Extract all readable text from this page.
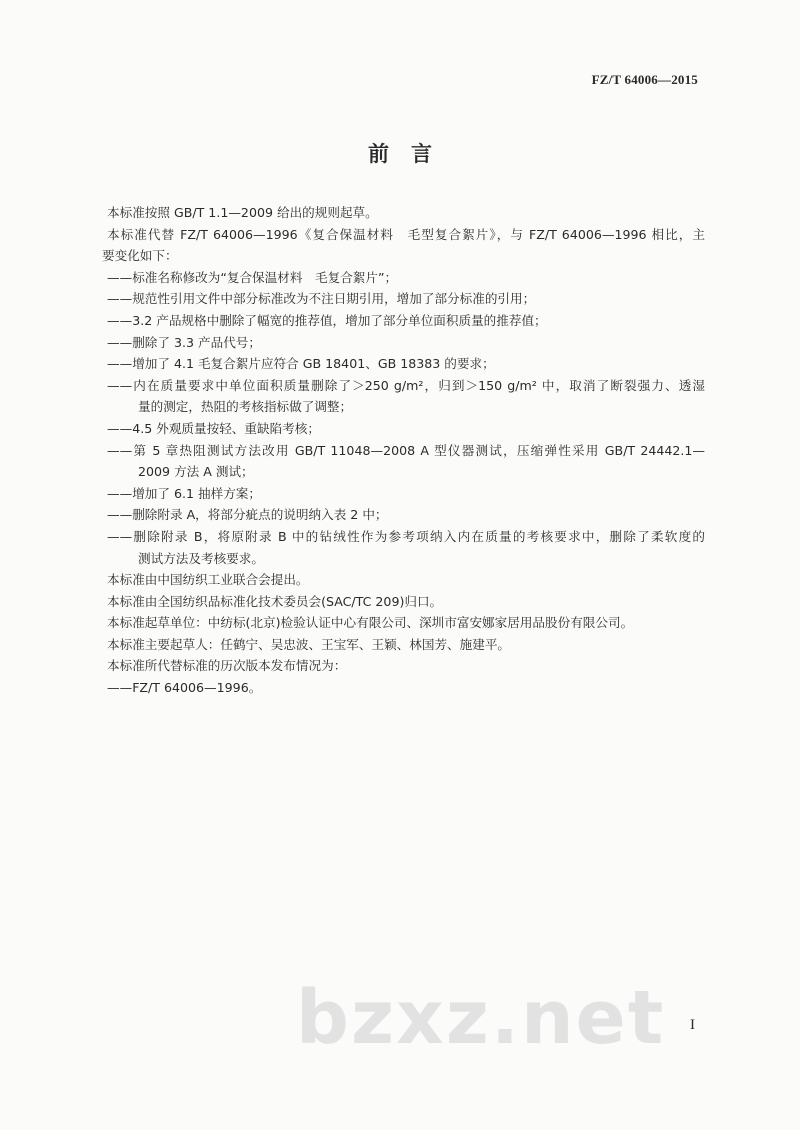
FZ/T 64006—2015
前言
本标准按照 GB/T 1.1—2009 给出的规则起草。
本标准代替 FZ/T 64006—1996《复合保温材料　毛型复合絮片》，与 FZ/T 64006—1996 相比，主
要变化如下：
——标准名称修改为“复合保温材料　毛复合絮片”；
——规范性引用文件中部分标准改为不注日期引用，增加了部分标准的引用；
——3.2 产品规格中删除了幅宽的推荐值，增加了部分单位面积质量的推荐值；
——删除了 3.3 产品代号；
——增加了 4.1 毛复合絮片应符合 GB 18401、GB 18383 的要求；
——内在质量要求中单位面积质量删除了＞250 g/m²，归到＞150 g/m² 中，取消了断裂强力、透湿
量的测定，热阻的考核指标做了调整；
——4.5 外观质量按轻、重缺陷考核；
——第 5 章热阻测试方法改用 GB/T 11048—2008 A 型仪器测试，压缩弹性采用 GB/T 24442.1—
2009 方法 A 测试；
——增加了 6.1 抽样方案；
——删除附录 A，将部分疵点的说明纳入表 2 中；
——删除附录 B，将原附录 B 中的钻绒性作为参考项纳入内在质量的考核要求中，删除了柔软度的
测试方法及考核要求。
本标准由中国纺织工业联合会提出。
本标准由全国纺织品标准化技术委员会(SAC/TC 209)归口。
本标准起草单位：中纺标(北京)检验认证中心有限公司、深圳市富安娜家居用品股份有限公司。
本标准主要起草人：任鹤宁、吴忠波、王宝军、王颖、林国芳、施建平。
本标准所代替标准的历次版本发布情况为：
——FZ/T 64006—1996。
bzxz.net I
